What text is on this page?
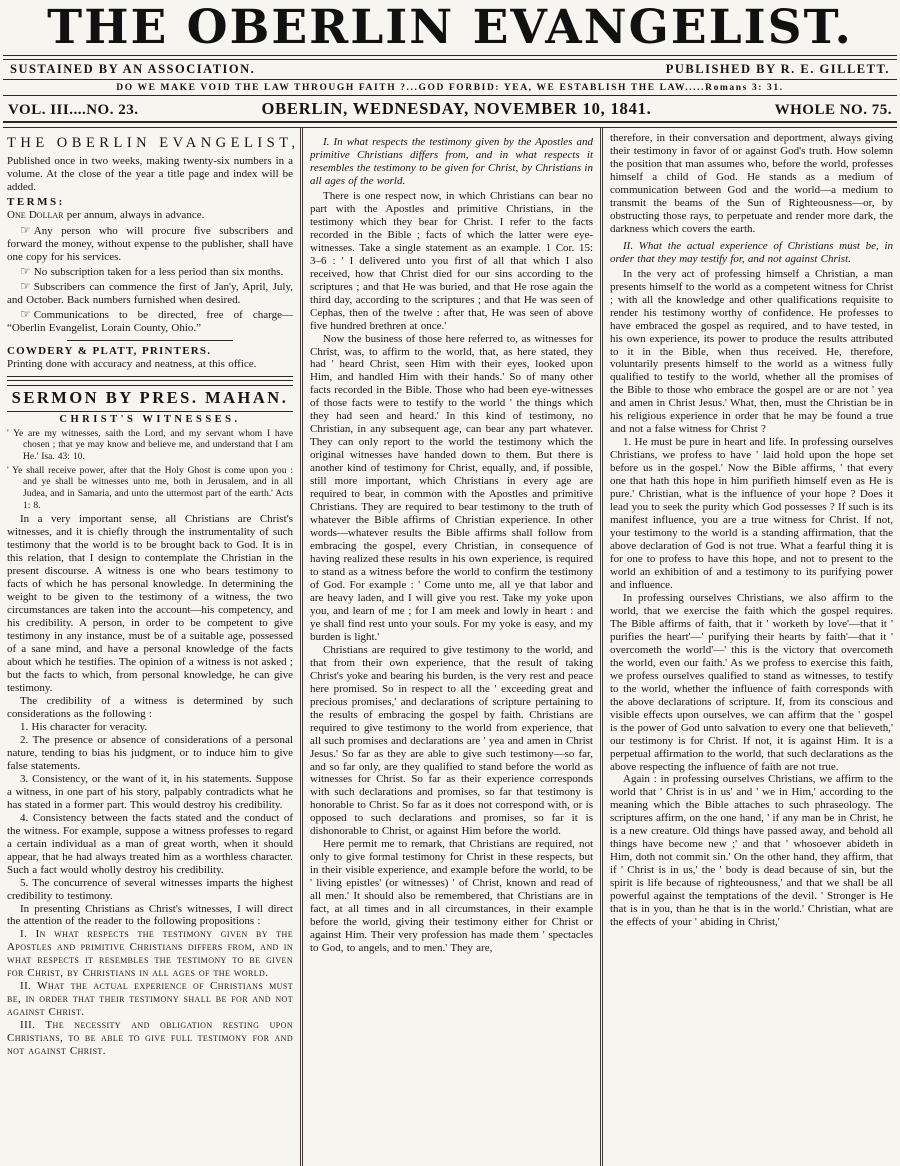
THE OBERLIN EVANGELIST.
SUSTAINED BY AN ASSOCIATION.	PUBLISHED BY R. E. GILLETT.
DO WE MAKE VOID THE LAW THROUGH FAITH ?...GOD FORBID: YEA, WE ESTABLISH THE LAW.....Romans 3: 31.
VOL. III....NO. 23.	OBERLIN, WEDNESDAY, NOVEMBER 10, 1841.	WHOLE NO. 75.
THE OBERLIN EVANGELIST,

Published once in two weeks, making twenty-six numbers in a volume. At the close of the year a title page and index will be added.

TERMS:

One Dollar per annum, always in advance.

☞ Any person who will procure five subscribers and forward the money, without expense to the publisher, shall have one copy for his services.

☞ No subscription taken for a less period than six months.

☞ Subscribers can commence the first of Jan'y, April, July, and October. Back numbers furnished when desired.

☞ Communications to be directed, free of charge— “Oberlin Evangelist, Lorain County, Ohio.”

COWDERY & PLATT, PRINTERS.

Printing done with accuracy and neatness, at this office.

SERMON BY PRES. MAHAN.
CHRIST'S WITNESSES.

' Ye are my witnesses, saith the Lord, and my servant whom I have chosen ; that ye may know and believe me, and understand that I am He.' Isa. 43: 10.

' Ye shall receive power, after that the Holy Ghost is come upon you : and ye shall be witnesses unto me, both in Jerusalem, and in all Judea, and in Samaria, and unto the uttermost part of the earth.' Acts 1: 8.

In a very important sense, all Christians are Christ's witnesses, and it is chiefly through the instrumentality of such testimony that the world is to be brought back to God. It is in this relation, that I design to contemplate the Christian in the present discourse. A witness is one who bears testimony to facts of which he has personal knowledge. In determining the weight to be given to the testimony of a witness, the two circumstances are taken into the account—his competency, and his credibility. A person, in order to be competent to give testimony in any instance, must be of a suitable age, possessed of a sane mind, and have a personal knowledge of the facts about which he testifies. The opinion of a witness is not asked ; but the facts to which, from personal knowledge, he can give testimony.

The credibility of a witness is determined by such considerations as the following :

1. His character for veracity.

2. The presence or absence of considerations of a personal nature, tending to bias his judgment, or to induce him to give false statements.

3. Consistency, or the want of it, in his statements. Suppose a witness, in one part of his story, palpably contradicts what he has stated in a former part. This would destroy his credibility.

4. Consistency between the facts stated and the conduct of the witness. For example, suppose a witness professes to regard a certain individual as a man of great worth, when it should appear, that he had always treated him as a worthless character. Such a fact would wholly destroy his credibility.

5. The concurrence of several witnesses imparts the highest credibility to testimony.

In presenting Christians as Christ's witnesses, I will direct the attention of the reader to the following propositions :

I. In what respects the testimony given by the Apostles and primitive Christians differs from, and in what respects it resembles the testimony to be given for Christ, by Christians in all ages of the world.

II. What the actual experience of Christians must be, in order that their testimony shall be for and not against Christ.

III. The necessity and obligation resting upon Christians, to be able to give full testimony for and not against Christ.

I. In what respects the testimony given by the Apostles and primitive Christians differs from, and in what respects it resembles the testimony to be given for Christ, by Christians in all ages of the world.

There is one respect now, in which Christians can bear no part with the Apostles and primitive Christians, in the testimony which they bear for Christ. I refer to the facts recorded in the Bible ; facts of which the latter were eye-witnesses. Take a single statement as an example. 1 Cor. 15: 3–6 : ' I delivered unto you first of all that which I also received, how that Christ died for our sins according to the scriptures ; and that He was buried, and that He rose again the third day, according to the scriptures ; and that He was seen of Cephas, then of the twelve : after that, He was seen of above five hundred brethren at once.'

Now the business of those here referred to, as witnesses for Christ, was, to affirm to the world, that, as here stated, they had ' heard Christ, seen Him with their eyes, looked upon Him, and handled Him with their hands.' So of many other facts recorded in the Bible. Those who had been eye-witnesses of those facts were to testify to the world ' the things which they had seen and heard.' In this kind of testimony, no Christian, in any subsequent age, can bear any part whatever. They can only report to the world the testimony which the original witnesses have handed down to them. But there is another kind of testimony for Christ, equally, and, if possible, still more important, which Christians in every age are required to bear, in common with the Apostles and primitive Christians. They are required to bear testimony to the truth of whatever the Bible affirms of Christian experience. In other words—whatever results the Bible affirms shall follow from embracing the gospel, every Christian, in consequence of having realized these results in his own experience, is required to stand as a witness before the world to confirm the testimony of God. For example : ' Come unto me, all ye that labor and are heavy laden, and I will give you rest. Take my yoke upon you, and learn of me ; for I am meek and lowly in heart : and ye shall find rest unto your souls. For my yoke is easy, and my burden is light.'

Christians are required to give testimony to the world, and that from their own experience, that the result of taking Christ's yoke and bearing his burden, is the very rest and peace here promised. So in respect to all the ' exceeding great and precious promises,' and declarations of scripture pertaining to the results of embracing the gospel by faith. Christians are required to give testimony to the world from experience, that all such promises and declarations are ' yea and amen in Christ Jesus.' So far as they are able to give such testimony—so far, and so far only, are they qualified to stand before the world as witnesses for Christ. So far as their experience corresponds with such declarations and promises, so far that testimony is honorable to Christ. So far as it does not correspond with, or is opposed to such declarations and promises, so far it is dishonorable to Christ, or against Him before the world.

Here permit me to remark, that Christians are required, not only to give formal testimony for Christ in these respects, but in their visible experience, and example before the world, to be ' living epistles' (or witnesses) ' of Christ, known and read of all men.' It should also be remembered, that Christians are in fact, at all times and in all circumstances, in their example before the world, giving their testimony either for Christ or against Him. Their very profession has made them ' spectacles to God, to angels, and to men.' They are,

therefore, in their conversation and deportment, always giving their testimony in favor of or against God's truth. How solemn the position that man assumes who, before the world, professes himself a child of God. He stands as a medium of communication between God and the world—a medium to transmit the beams of the Sun of Righteousness—or, by obstructing those rays, to perpetuate and render more dark, the darkness which covers the earth.

II. What the actual experience of Christians must be, in order that they may testify for, and not against Christ.

In the very act of professing himself a Christian, a man presents himself to the world as a competent witness for Christ ; with all the knowledge and other qualifications requisite to render his testimony worthy of confidence. He professes to have embraced the gospel as required, and to have tested, in his own experience, its power to produce the results attributed to it in the Bible, when thus received. He, therefore, voluntarily presents himself to the world as a witness fully qualified to testify to the world, whether all the promises of the Bible to those who embrace the gospel are or are not ' yea and amen in Christ Jesus.' What, then, must the Christian be in his religious experience in order that he may be found a true and not a false witness for Christ ?

1. He must be pure in heart and life. In professing ourselves Christians, we profess to have ' laid hold upon the hope set before us in the gospel.' Now the Bible affirms, ' that every one that hath this hope in him purifieth himself even as He is pure.' Christian, what is the influence of your hope ? Does it lead you to seek the purity which God possesses ? If such is its manifest influence, you are a true witness for Christ. If not, your testimony to the world is a standing affirmation, that the above declaration of God is not true. What a fearful thing it is for one to profess to have this hope, and not to present to the world an exhibition of and a testimony to its purifying power and influence.

In professing ourselves Christians, we also affirm to the world, that we exercise the faith which the gospel requires. The Bible affirms of faith, that it ' worketh by love'—that it ' purifies the heart'—' purifying their hearts by faith'—that it ' overcometh the world'—' this is the victory that overcometh the world, even our faith.' As we profess to exercise this faith, we profess ourselves qualified to stand as witnesses, to testify to the world, whether the influence of faith corresponds with the above declarations of scripture. If, from its conscious and visible effects upon ourselves, we can affirm that the ' gospel is the power of God unto salvation to every one that believeth,' our testimony is for Christ. If not, it is against Him. It is a perpetual affirmation to the world, that such declarations as the above respecting the influence of faith are not true.

Again : in professing ourselves Christians, we affirm to the world that ' Christ is in us' and ' we in Him,' according to the meaning which the Bible attaches to such phraseology. The scriptures affirm, on the one hand, ' if any man be in Christ, he is a new creature. Old things have passed away, and behold all things have become new ;' and that ' whosoever abideth in Him, doth not commit sin.' On the other hand, they affirm, that if ' Christ is in us,' the ' body is dead because of sin, but the spirit is life because of righteousness,' and that we shall be all powerful against the temptations of the devil. ' Stronger is He that is in you, than he that is in the world.' Christian, what are the effects of your ' abiding in Christ,'
